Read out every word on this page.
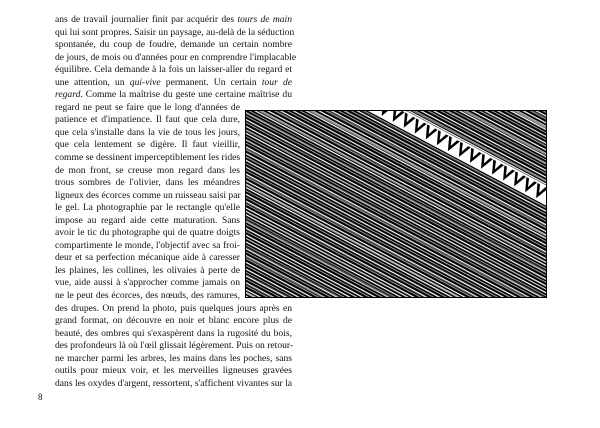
ans de travail journalier finit par acquérir des tours de main
qui lui sont propres. Saisir un paysage, au-delà de la séduction
spontanée, du coup de foudre, demande un certain nombre
de jours, de mois ou d'années pour en comprendre l'implacable
équilibre. Cela demande à la fois un laisser-aller du regard et
une attention, un qui-vive permanent. Un certain tour de
regard. Comme la maîtrise du geste une certaine maîtrise du
regard ne peut se faire que le long d'années de
patience et d'impatience. Il faut que cela dure,
que cela s'installe dans la vie de tous les jours,
que cela lentement se digère. Il faut vieillir,
comme se dessinent imperceptiblement les rides
de mon front, se creuse mon regard dans les
trous sombres de l'olivier, dans les méandres
ligneux des écorces comme un ruisseau saisi par
le gel. La photographie par le rectangle qu'elle
impose au regard aide cette maturation. Sans
avoir le tic du photographe qui de quatre doigts
compartimente le monde, l'objectif avec sa froi-
deur et sa perfection mécanique aide à caresser
les plaines, les collines, les olivaies à perte de
vue, aide aussi à s'approcher comme jamais on
ne le peut des écorces, des nœuds, des ramures,
des drupes. On prend la photo, puis quelques jours après en
grand format, on découvre en noir et blanc encore plus de
beauté, des ombres qui s'exaspèrent dans la rugosité du bois,
des profondeurs là où l'œil glissait légèrement. Puis on retour-
ne marcher parmi les arbres, les mains dans les poches, sans
outils pour mieux voir, et les merveilles ligneuses gravées
dans les oxydes d'argent, ressortent, s'affichent vivantes sur la
8
